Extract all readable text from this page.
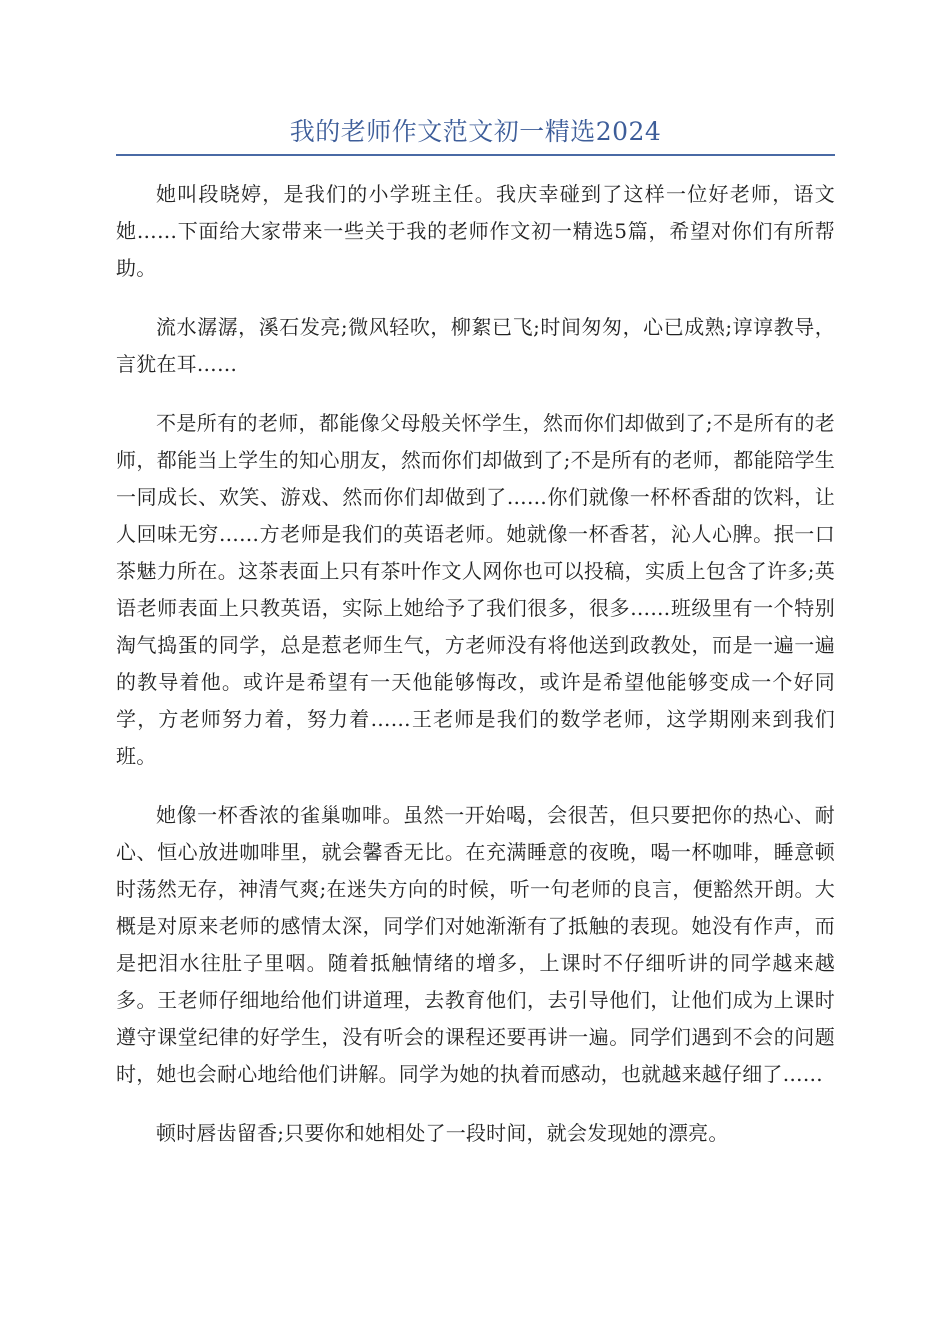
我的老师作文范文初一精选2024

她叫段晓婷，是我们的小学班主任。我庆幸碰到了这样一位好老师，语文她……下面给大家带来一些关于我的老师作文初一精选5篇，希望对你们有所帮助。

流水潺潺，溪石发亮;微风轻吹，柳絮已飞;时间匆匆，心已成熟;谆谆教导，言犹在耳……

不是所有的老师，都能像父母般关怀学生，然而你们却做到了;不是所有的老师，都能当上学生的知心朋友，然而你们却做到了;不是所有的老师，都能陪学生一同成长、欢笑、游戏、然而你们却做到了……你们就像一杯杯香甜的饮料，让人回味无穷……方老师是我们的英语老师。她就像一杯香茗，沁人心脾。抿一口茶魅力所在。这茶表面上只有茶叶作文人网你也可以投稿，实质上包含了许多;英语老师表面上只教英语，实际上她给予了我们很多，很多……班级里有一个特别淘气捣蛋的同学，总是惹老师生气，方老师没有将他送到政教处，而是一遍一遍的教导着他。或许是希望有一天他能够悔改，或许是希望他能够变成一个好同学，方老师努力着，努力着……王老师是我们的数学老师，这学期刚来到我们班。

她像一杯香浓的雀巢咖啡。虽然一开始喝，会很苦，但只要把你的热心、耐心、恒心放进咖啡里，就会馨香无比。在充满睡意的夜晚，喝一杯咖啡，睡意顿时荡然无存，神清气爽;在迷失方向的时候，听一句老师的良言，便豁然开朗。大概是对原来老师的感情太深，同学们对她渐渐有了抵触的表现。她没有作声，而是把泪水往肚子里咽。随着抵触情绪的增多，上课时不仔细听讲的同学越来越多。王老师仔细地给他们讲道理，去教育他们，去引导他们，让他们成为上课时遵守课堂纪律的好学生，没有听会的课程还要再讲一遍。同学们遇到不会的问题时，她也会耐心地给他们讲解。同学为她的执着而感动，也就越来越仔细了……

顿时唇齿留香;只要你和她相处了一段时间，就会发现她的漂亮。
